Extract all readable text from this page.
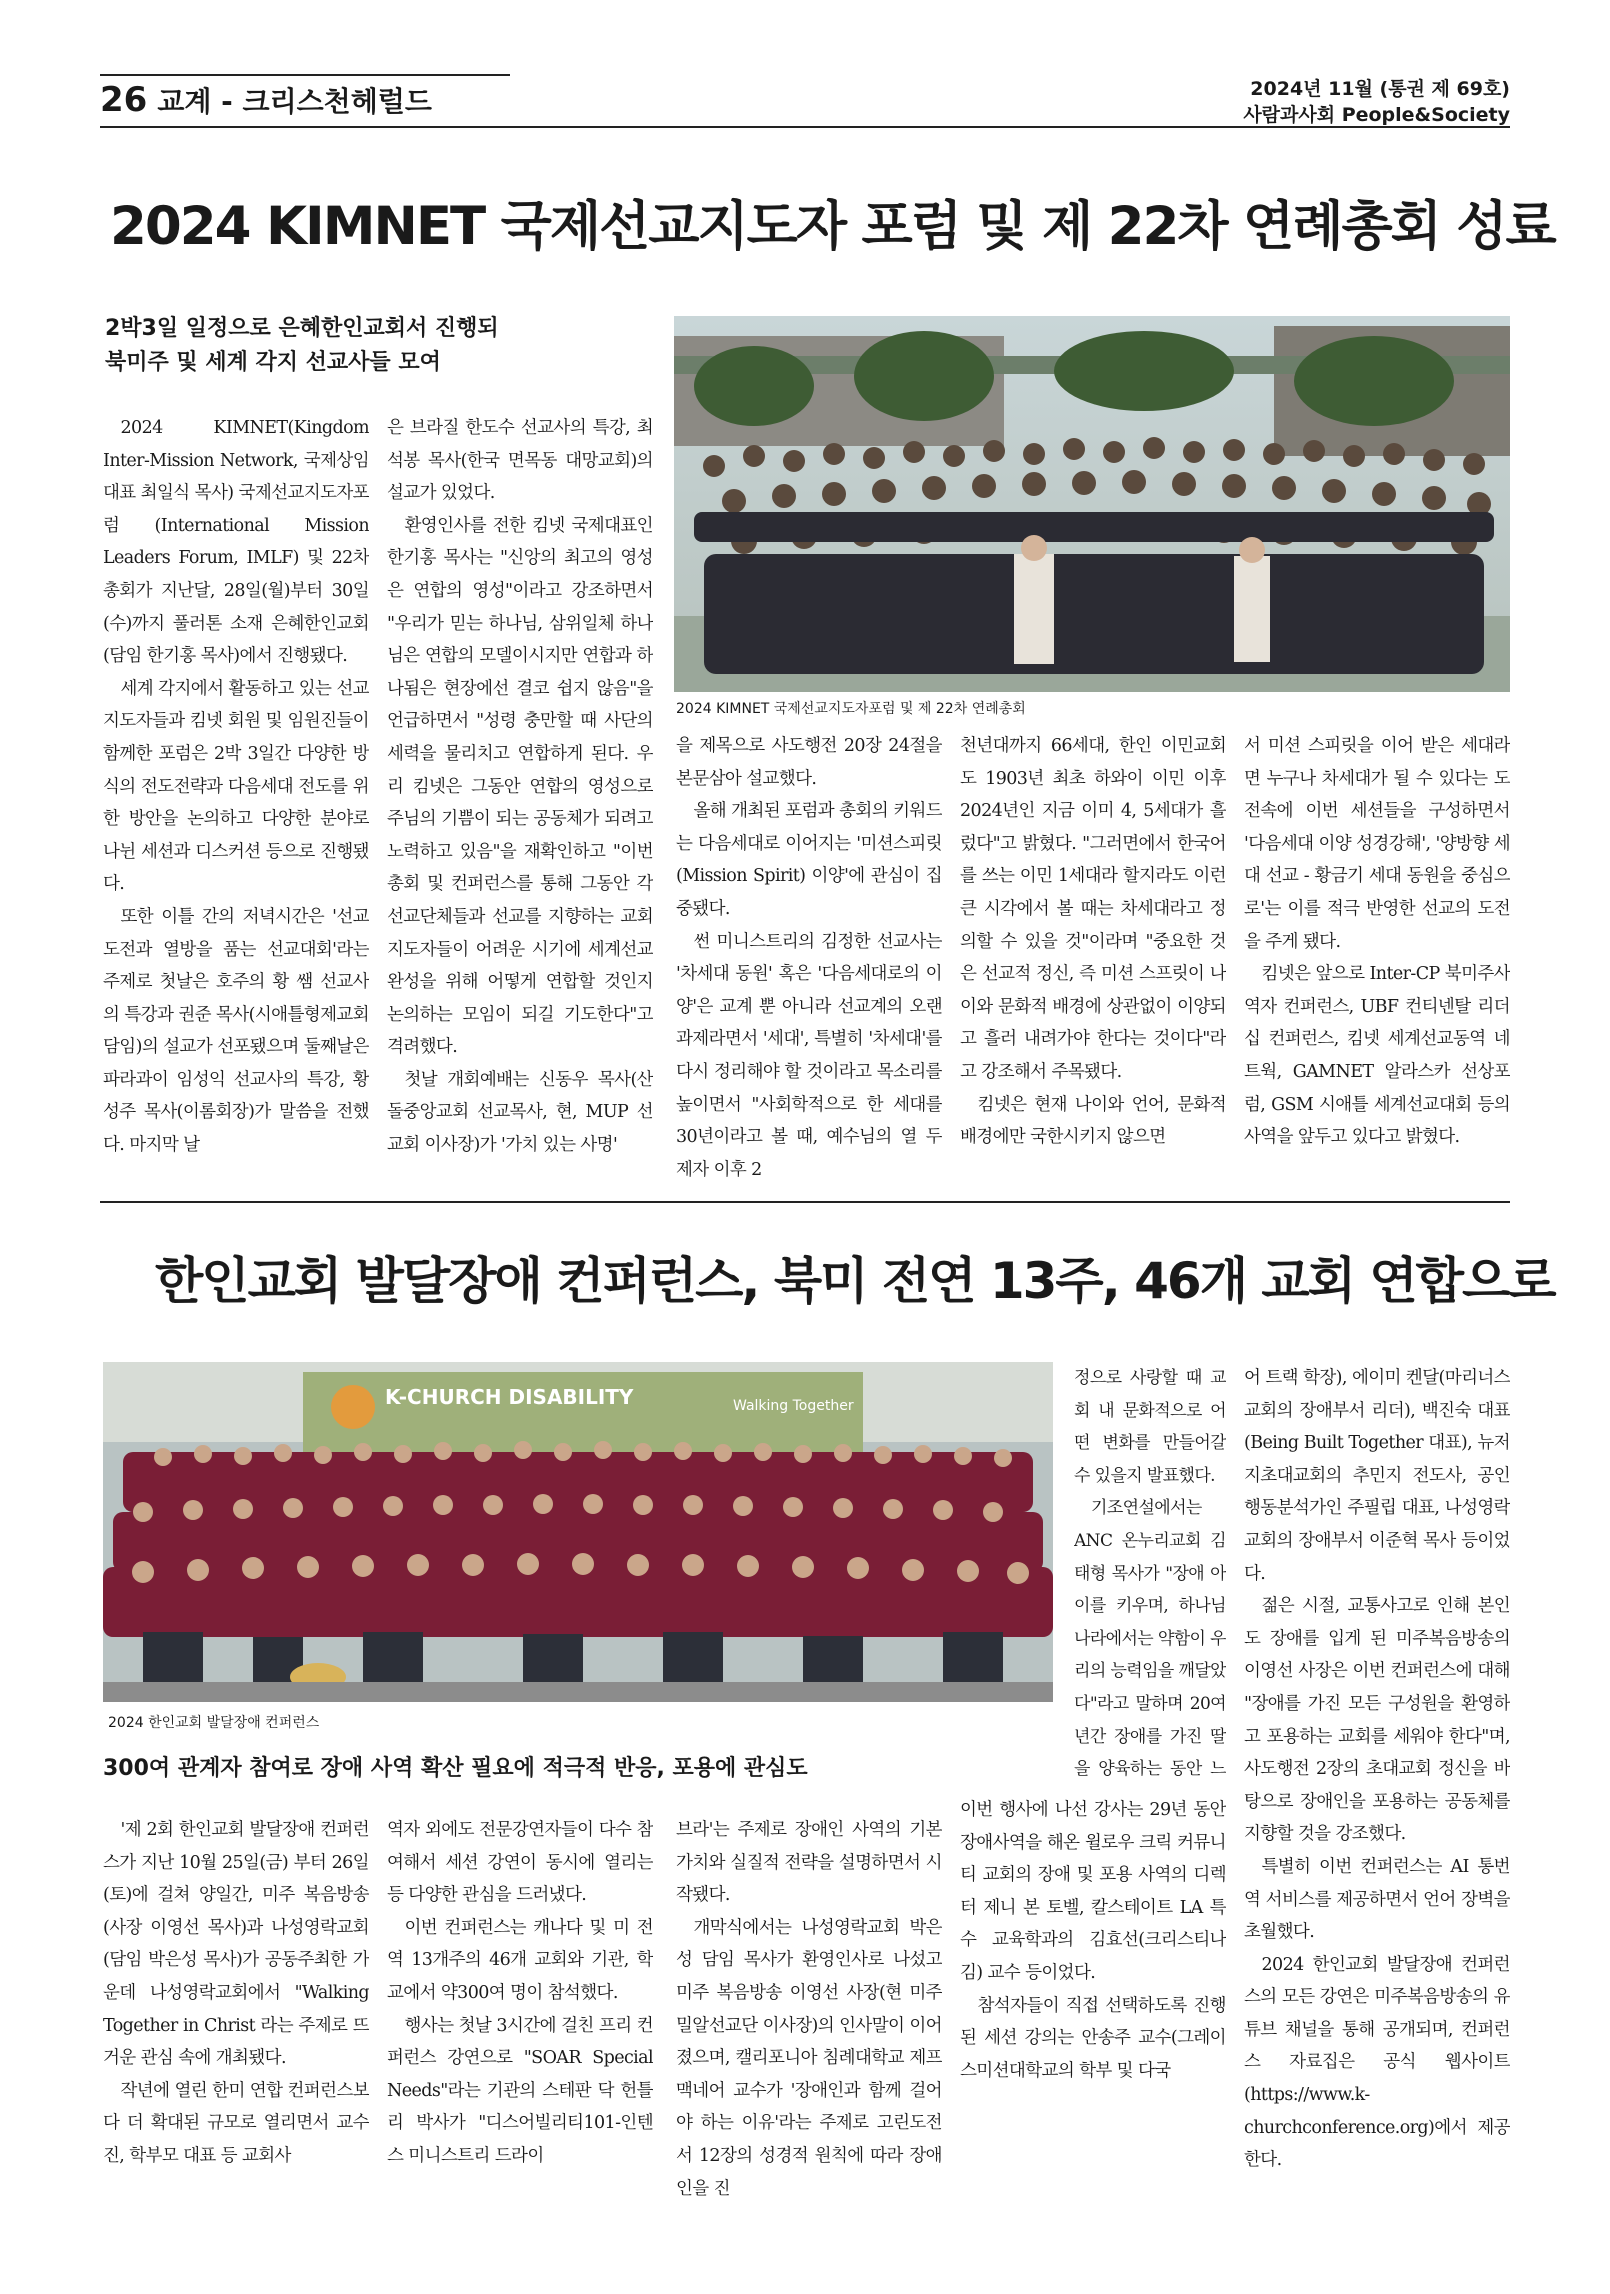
26 교계 - 크리스천헤럴드	2024년 11월 (통권 제 69호)
사람과사회 People&Society
2024 KIMNET 국제선교지도자 포럼 및 제 22차 연례총회 성료
2박3일 일정으로 은혜한인교회서 진행되
북미주 및 세계 각지 선교사들 모여
2024 KIMNET 국제선교지도자포럼 및 제 22차 연례총회

2024 KIMNET(Kingdom Inter-Mission Network, 국제상임대표 최일식 목사) 국제선교지도자포럼 (International Mission Leaders Forum, IMLF) 및 22차 총회가 지난달, 28일(월)부터 30일(수)까지 풀러톤 소재 은혜한인교회(담임 한기홍 목사)에서 진행됐다.

세계 각지에서 활동하고 있는 선교지도자들과 킴넷 회원 및 임원진들이 함께한 포럼은 2박 3일간 다양한 방식의 전도전략과 다음세대 전도를 위한 방안을 논의하고 다양한 분야로 나뉜 세션과 디스커션 등으로 진행됐다.

또한 이틀 간의 저녁시간은 '선교도전과 열방을 품는 선교대회'라는 주제로 첫날은 호주의 황 쌤 선교사의 특강과 권준 목사(시애틀형제교회 담임)의 설교가 선포됐으며 둘째날은 파라과이 임성익 선교사의 특강, 황성주 목사(이롬회장)가 말씀을 전했다. 마지막 날

은 브라질 한도수 선교사의 특강, 최석봉 목사(한국 면목동 대망교회)의 설교가 있었다.

환영인사를 전한 킴넷 국제대표인 한기홍 목사는 "신앙의 최고의 영성은 연합의 영성"이라고 강조하면서 "우리가 믿는 하나님, 삼위일체 하나님은 연합의 모델이시지만 연합과 하나됨은 현장에선 결코 쉽지 않음"을 언급하면서 "성령 충만할 때 사단의 세력을 물리치고 연합하게 된다. 우리 킴넷은 그동안 연합의 영성으로 주님의 기쁨이 되는 공동체가 되려고 노력하고 있음"을 재확인하고 "이번 총회 및 컨퍼런스를 통해 그동안 각 선교단체들과 선교를 지향하는 교회지도자들이 어려운 시기에 세계선교완성을 위해 어떻게 연합할 것인지 논의하는 모임이 되길 기도한다"고 격려했다.

첫날 개회예배는 신동우 목사(산돌중앙교회 선교목사, 현, MUP 선교회 이사장)가 '가치 있는 사명'

을 제목으로 사도행전 20장 24절을 본문삼아 설교했다.

올해 개최된 포럼과 총회의 키워드는 다음세대로 이어지는 '미션스피릿(Mission Spirit) 이양'에 관심이 집중됐다.

썬 미니스트리의 김정한 선교사는 '차세대 동원' 혹은 '다음세대로의 이양'은 교계 뿐 아니라 선교계의 오랜 과제라면서 '세대', 특별히 '차세대'를 다시 정리해야 할 것이라고 목소리를 높이면서 "사회학적으로 한 세대를 30년이라고 볼 때, 예수님의 열 두 제자 이후 2

천년대까지 66세대, 한인 이민교회도 1903년 최초 하와이 이민 이후 2024년인 지금 이미 4, 5세대가 흘렀다"고 밝혔다. "그러면에서 한국어를 쓰는 이민 1세대라 할지라도 이런 큰 시각에서 볼 때는 차세대라고 정의할 수 있을 것"이라며 "중요한 것은 선교적 정신, 즉 미션 스프릿이 나이와 문화적 배경에 상관없이 이양되고 흘러 내려가야 한다는 것이다"라고 강조해서 주목됐다.

킴넷은 현재 나이와 언어, 문화적 배경에만 국한시키지 않으면

서 미션 스피릿을 이어 받은 세대라면 누구나 차세대가 될 수 있다는 도전속에 이번 세션들을 구성하면서 '다음세대 이양 성경강해', '양방향 세대 선교 - 황금기 세대 동원을 중심으로'는 이를 적극 반영한 선교의 도전을 주게 됐다.

킴넷은 앞으로 Inter-CP 북미주사역자 컨퍼런스, UBF 컨티넨탈 리더십 컨퍼런스, 킴넷 세계선교동역 네트웍, GAMNET 알라스카 선상포럼, GSM 시애틀 세계선교대회 등의 사역을 앞두고 있다고 밝혔다.

한인교회 발달장애 컨퍼런스, 북미 전연 13주, 46개 교회 연합으로
K-CHURCH DISABILITY	Walking Together
2024 한인교회 발달장애 컨퍼런스
300여 관계자 참여로 장애 사역 확산 필요에 적극적 반응, 포용에 관심도

'제 2회 한인교회 발달장애 컨퍼런스가 지난 10월 25일(금) 부터 26일(토)에 걸쳐 양일간, 미주 복음방송(사장 이영선 목사)과 나성영락교회(담임 박은성 목사)가 공동주최한 가운데 나성영락교회에서 "Walking Together in Christ 라는 주제로 뜨거운 관심 속에 개최됐다.

작년에 열린 한미 연합 컨퍼런스보다 더 확대된 규모로 열리면서 교수진, 학부모 대표 등 교회사

역자 외에도 전문강연자들이 다수 참여해서 세션 강연이 동시에 열리는 등 다양한 관심을 드러냈다.

이번 컨퍼런스는 캐나다 및 미 전역 13개주의 46개 교회와 기관, 학교에서 약300여 명이 참석했다.

행사는 첫날 3시간에 걸친 프리 컨퍼런스 강연으로 "SOAR Special Needs"라는 기관의 스테판 닥 헌틀리 박사가 "디스어빌리티101-인텐스 미니스트리 드라이

브라'는 주제로 장애인 사역의 기본가치와 실질적 전략을 설명하면서 시작됐다.

개막식에서는 나성영락교회 박은성 담임 목사가 환영인사로 나섰고 미주 복음방송 이영선 사장(현 미주밀알선교단 이사장)의 인사말이 이어졌으며, 캘리포니아 침례대학교 제프 맥네어 교수가 '장애인과 함께 걸어야 하는 이유'라는 주제로 고린도전서 12장의 성경적 원칙에 따라 장애인을 진

정으로 사랑할 때 교회 내 문화적으로 어떤 변화를 만들어갈 수 있을지 발표했다.

기조연설에서는 ANC 온누리교회 김태형 목사가 "장애 아이를 키우며, 하나님 나라에서는 약함이 우리의 능력임을 깨달았다"라고 말하며 20여년간 장애를 가진 딸을 양육하는 동안 느

이번 행사에 나선 강사는 29년 동안 장애사역을 해온 윌로우 크릭 커뮤니티 교회의 장애 및 포용 사역의 디렉터 제니 본 토벨, 칼스테이트 LA 특수 교육학과의 김효선(크리스티나 김) 교수 등이었다.

참석자들이 직접 선택하도록 진행된 세션 강의는 안송주 교수(그레이스미션대학교의 학부 및 다국

어 트랙 학장), 에이미 켄달(마리너스 교회의 장애부서 리더), 백진숙 대표(Being Built Together 대표), 뉴저지초대교회의 추민지 전도사, 공인 행동분석가인 주필립 대표, 나성영락교회의 장애부서 이준혁 목사 등이었다.

젊은 시절, 교통사고로 인해 본인도 장애를 입게 된 미주복음방송의 이영선 사장은 이번 컨퍼런스에 대해 "장애를 가진 모든 구성원을 환영하고 포용하는 교회를 세워야 한다"며, 사도행전 2장의 초대교회 정신을 바탕으로 장애인을 포용하는 공동체를 지향할 것을 강조했다.

특별히 이번 컨퍼런스는 AI 통번역 서비스를 제공하면서 언어 장벽을 초월했다.

2024 한인교회 발달장애 컨퍼런스의 모든 강연은 미주복음방송의 유튜브 채널을 통해 공개되며, 컨퍼런스 자료집은 공식 웹사이트(https://www.k-churchconference.org)에서 제공한다.
